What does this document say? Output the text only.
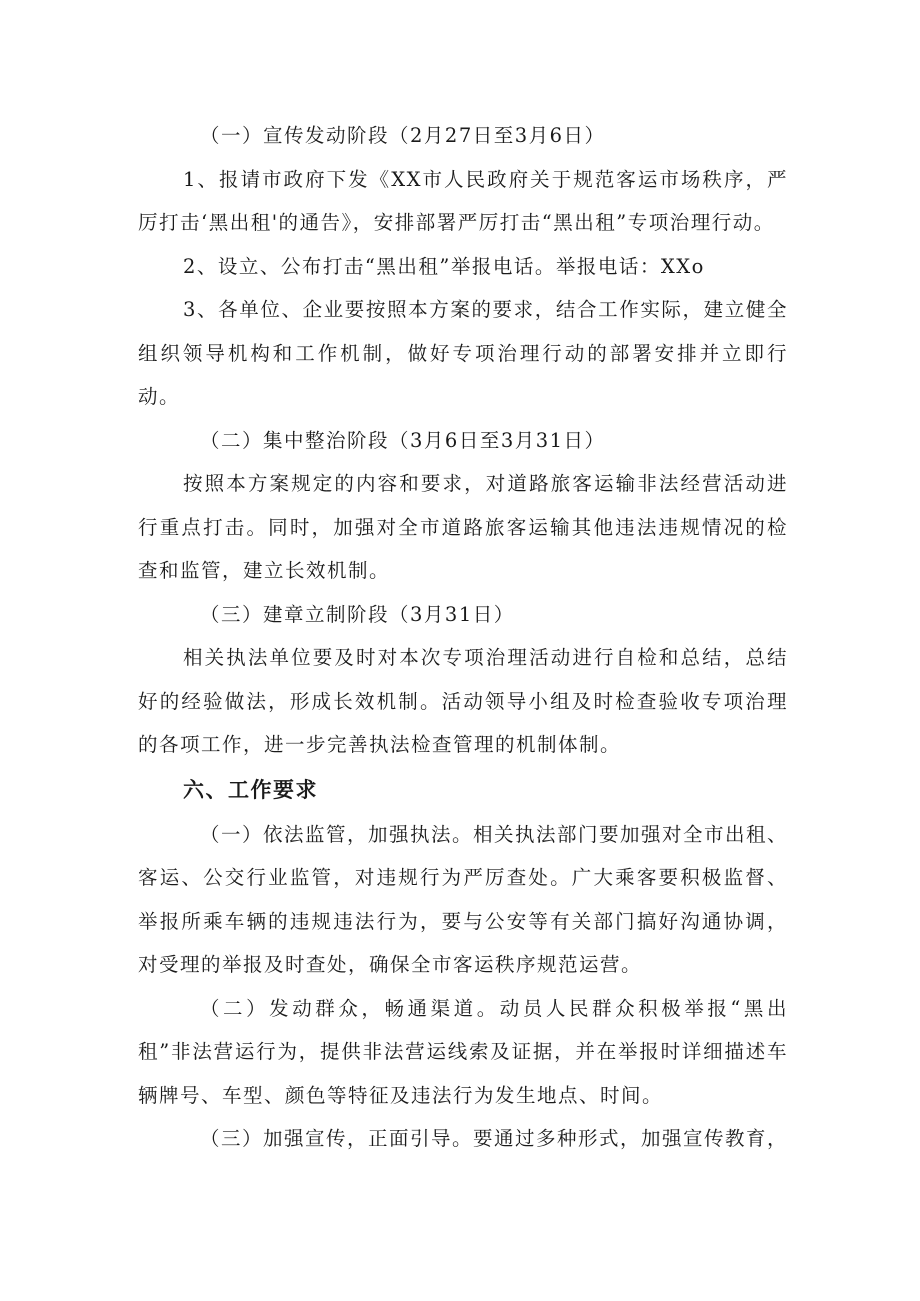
（一）宣传发动阶段（2月27日至3月6日）

1、报请市政府下发《XX市人民政府关于规范客运市场秩序，严厉打击‘黑出租'的通告》，安排部署严厉打击“黑出租”专项治理行动。

2、设立、公布打击“黑出租”举报电话。举报电话：XXo

3、各单位、企业要按照本方案的要求，结合工作实际，建立健全组织领导机构和工作机制，做好专项治理行动的部署安排并立即行动。

（二）集中整治阶段（3月6日至3月31日）

按照本方案规定的内容和要求，对道路旅客运输非法经营活动进行重点打击。同时，加强对全市道路旅客运输其他违法违规情况的检查和监管，建立长效机制。

（三）建章立制阶段（3月31日）

相关执法单位要及时对本次专项治理活动进行自检和总结，总结好的经验做法，形成长效机制。活动领导小组及时检查验收专项治理的各项工作，进一步完善执法检查管理的机制体制。

六、工作要求

（一）依法监管，加强执法。相关执法部门要加强对全市出租、客运、公交行业监管，对违规行为严厉查处。广大乘客要积极监督、举报所乘车辆的违规违法行为，要与公安等有关部门搞好沟通协调，对受理的举报及时查处，确保全市客运秩序规范运营。

（二）发动群众，畅通渠道。动员人民群众积极举报“黑出租”非法营运行为，提供非法营运线索及证据，并在举报时详细描述车辆牌号、车型、颜色等特征及违法行为发生地点、时间。

（三）加强宣传，正面引导。要通过多种形式，加强宣传教育，
